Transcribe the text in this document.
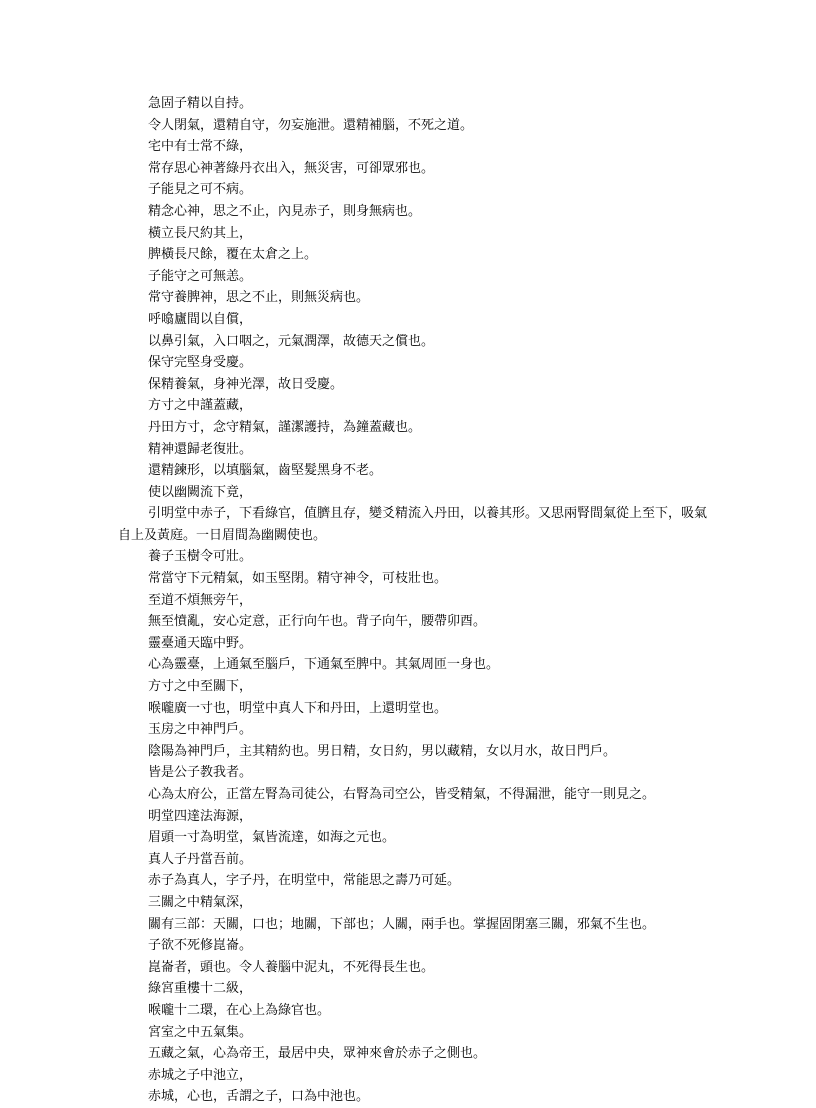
急固子精以自持。

令人閉氣，還精自守，勿妄施泄。還精補腦，不死之道。

宅中有士常不綠，

常存思心神著綠丹衣出入，無災害，可卻眾邪也。

子能見之可不病。

精念心神，思之不止，內見赤子，則身無病也。

橫立長尺約其上，

脾橫長尺餘，覆在太倉之上。

子能守之可無恙。

常守養脾神，思之不止，則無災病也。

呼噏廬間以自償，

以鼻引氣，入口咽之，元氣潤澤，故德天之償也。

保守完堅身受慶。

保精養氣，身神光澤，故日受慶。

方寸之中謹蓋藏，

丹田方寸，念守精氣，謹潔護持，為鐘蓋藏也。

精神還歸老復壯。

還精鍊形，以填腦氣，齒堅髮黑身不老。

使以幽闕流下竟，

引明堂中赤子，下看綠官，值臍且存，變爻精流入丹田，以養其形。又思兩腎間氣從上至下，吸氣自上及黃庭。一日眉間為幽闕使也。

養子玉樹令可壯。

常當守下元精氣，如玉堅閉。精守神令，可枝壯也。

至道不煩無旁午，

無至憤亂，安心定意，正行向午也。背子向午，腰帶卯酉。

靈臺通天臨中野。

心為靈臺，上通氣至腦戶，下通氣至脾中。其氣周匝一身也。

方寸之中至關下，

喉嚨廣一寸也，明堂中真人下和丹田，上還明堂也。

玉房之中神門戶。

陰陽為神門戶，主其精約也。男日精，女日約，男以藏精，女以月水，故日門戶。

皆是公子教我者。

心為太府公，正當左腎為司徒公，右腎為司空公，皆受精氣，不得漏泄，能守一則見之。

明堂四達法海源，

眉頭一寸為明堂，氣皆流達，如海之元也。

真人子丹當吾前。

赤子為真人，字子丹，在明堂中，常能思之壽乃可延。

三關之中精氣深，

關有三部：天關，口也；地關，下部也；人關，兩手也。掌握固閉塞三關，邪氣不生也。

子欲不死修崑崙。

崑崙者，頭也。令人養腦中泥丸，不死得長生也。

綠宮重樓十二級，

喉嚨十二環，在心上為綠官也。

宮室之中五氣集。

五藏之氣，心為帝王，最居中央，眾神來會於赤子之側也。

赤城之子中池立，

赤城，心也，舌謂之子，口為中池也。
